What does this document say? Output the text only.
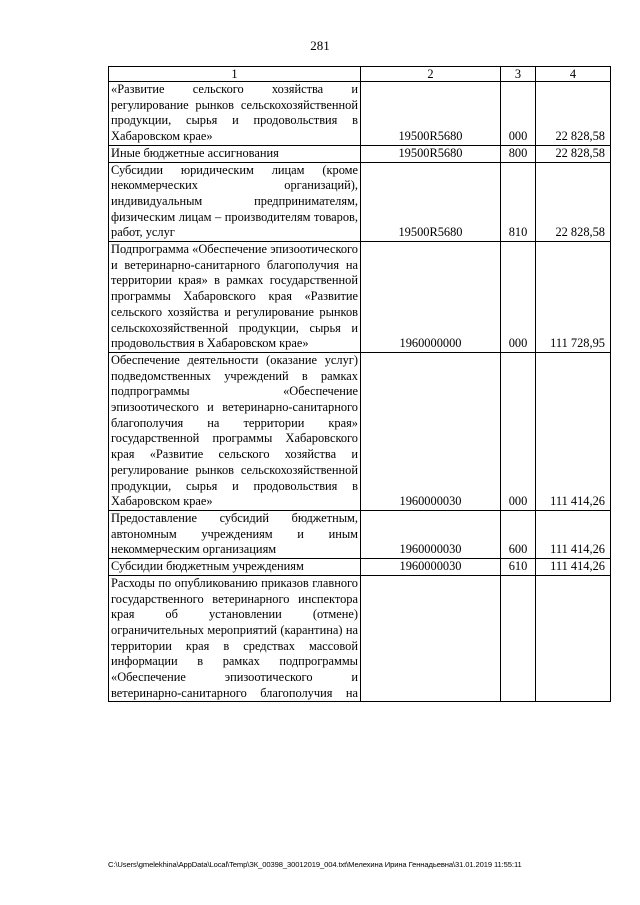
281
1	2	3	4
«Развитие сельского хозяйства и регулирование рынков сельскохозяйственной продукции, сырья и продовольствия в Хабаровском крае»	19500R5680	000	22 828,58
Иные бюджетные ассигнования	19500R5680	800	22 828,58
Субсидии юридическим лицам (кроме некоммерческих организаций), индивидуальным предпринимателям, физическим лицам – производителям товаров, работ, услуг	19500R5680	810	22 828,58
Подпрограмма «Обеспечение эпизоотического и ветеринарно-санитарного благополучия на территории края» в рамках государственной программы Хабаровского края «Развитие сельского хозяйства и регулирование рынков сельскохозяйственной продукции, сырья и продовольствия в Хабаровском крае»	1960000000	000	111 728,95
Обеспечение деятельности (оказание услуг) подведомственных учреждений в рамках подпрограммы «Обеспечение эпизоотического и ветеринарно-санитарного благополучия на территории края» государственной программы Хабаровского края «Развитие сельского хозяйства и регулирование рынков сельскохозяйственной продукции, сырья и продовольствия в Хабаровском крае»	1960000030	000	111 414,26
Предоставление субсидий бюджетным, автономным учреждениям и иным некоммерческим организациям	1960000030	600	111 414,26
Субсидии бюджетным учреждениям	1960000030	610	111 414,26
Расходы по опубликованию приказов главного государственного ветеринарного инспектора края об установлении (отмене) ограничительных мероприятий (карантина) на территории края в средствах массовой информации в рамках подпрограммы «Обеспечение эпизоотического и ветеринарно-санитарного благополучия на			
C:\Users\gmelekhina\AppData\Local\Temp\ЗК_00398_30012019_004.txt\Мелехина Ирина Геннадьевна\31.01.2019 11:55:11
